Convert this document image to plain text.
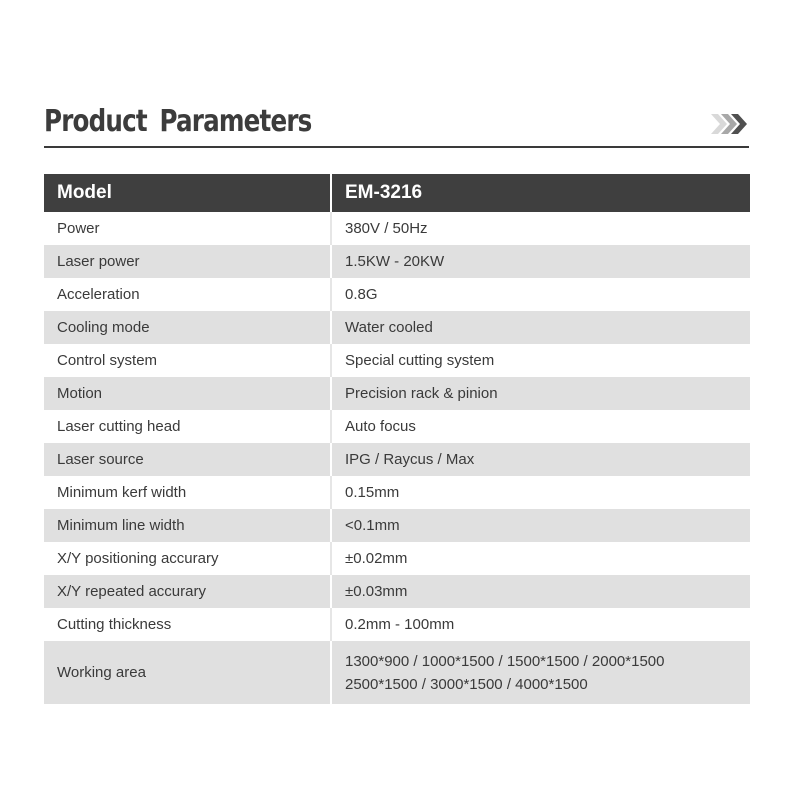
Product Parameters
Model	EM-3216
Power	380V / 50Hz
Laser power	1.5KW - 20KW
Acceleration	0.8G
Cooling mode	Water cooled
Control system	Special cutting system
Motion	Precision rack & pinion
Laser cutting head	Auto focus
Laser source	IPG / Raycus / Max
Minimum kerf width	0.15mm
Minimum line width	<0.1mm
X/Y positioning accurary	±0.02mm
X/Y repeated accurary	±0.03mm
Cutting thickness	0.2mm - 100mm
Working area	1300*900 / 1000*1500 / 1500*1500 / 2000*1500
2500*1500 / 3000*1500 / 4000*1500
